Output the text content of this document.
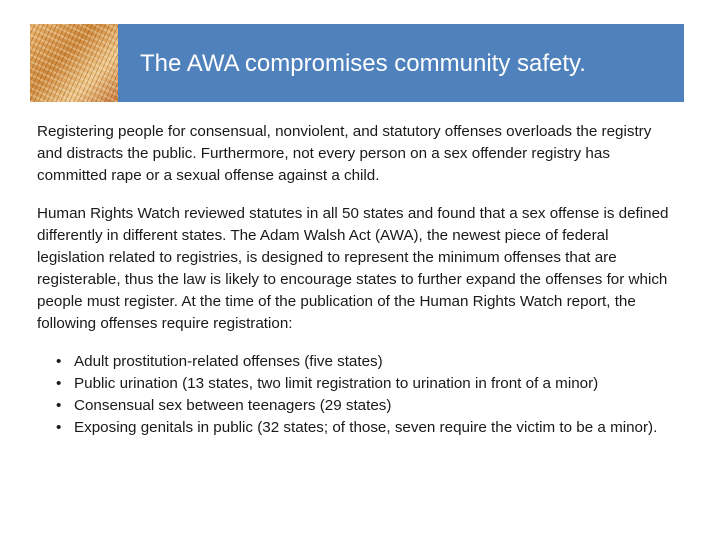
The AWA compromises community safety.

Registering people for consensual, nonviolent, and statutory offenses overloads the registry and distracts the public. Furthermore, not every person on a sex offender registry has committed rape or a sexual offense against a child.

Human Rights Watch reviewed statutes in all 50 states and found that a sex offense is defined differently in different states. The Adam Walsh Act (AWA), the newest piece of federal legislation related to registries, is designed to represent the minimum offenses that are registerable, thus the law is likely to encourage states to further expand the offenses for which people must register. At the time of the publication of the Human Rights Watch report, the following offenses require registration:

• Adult prostitution-related offenses (five states)
• Public urination (13 states, two limit registration to urination in front of a minor)
• Consensual sex between teenagers (29 states)
• Exposing genitals in public (32 states; of those, seven require the victim to be a minor).
